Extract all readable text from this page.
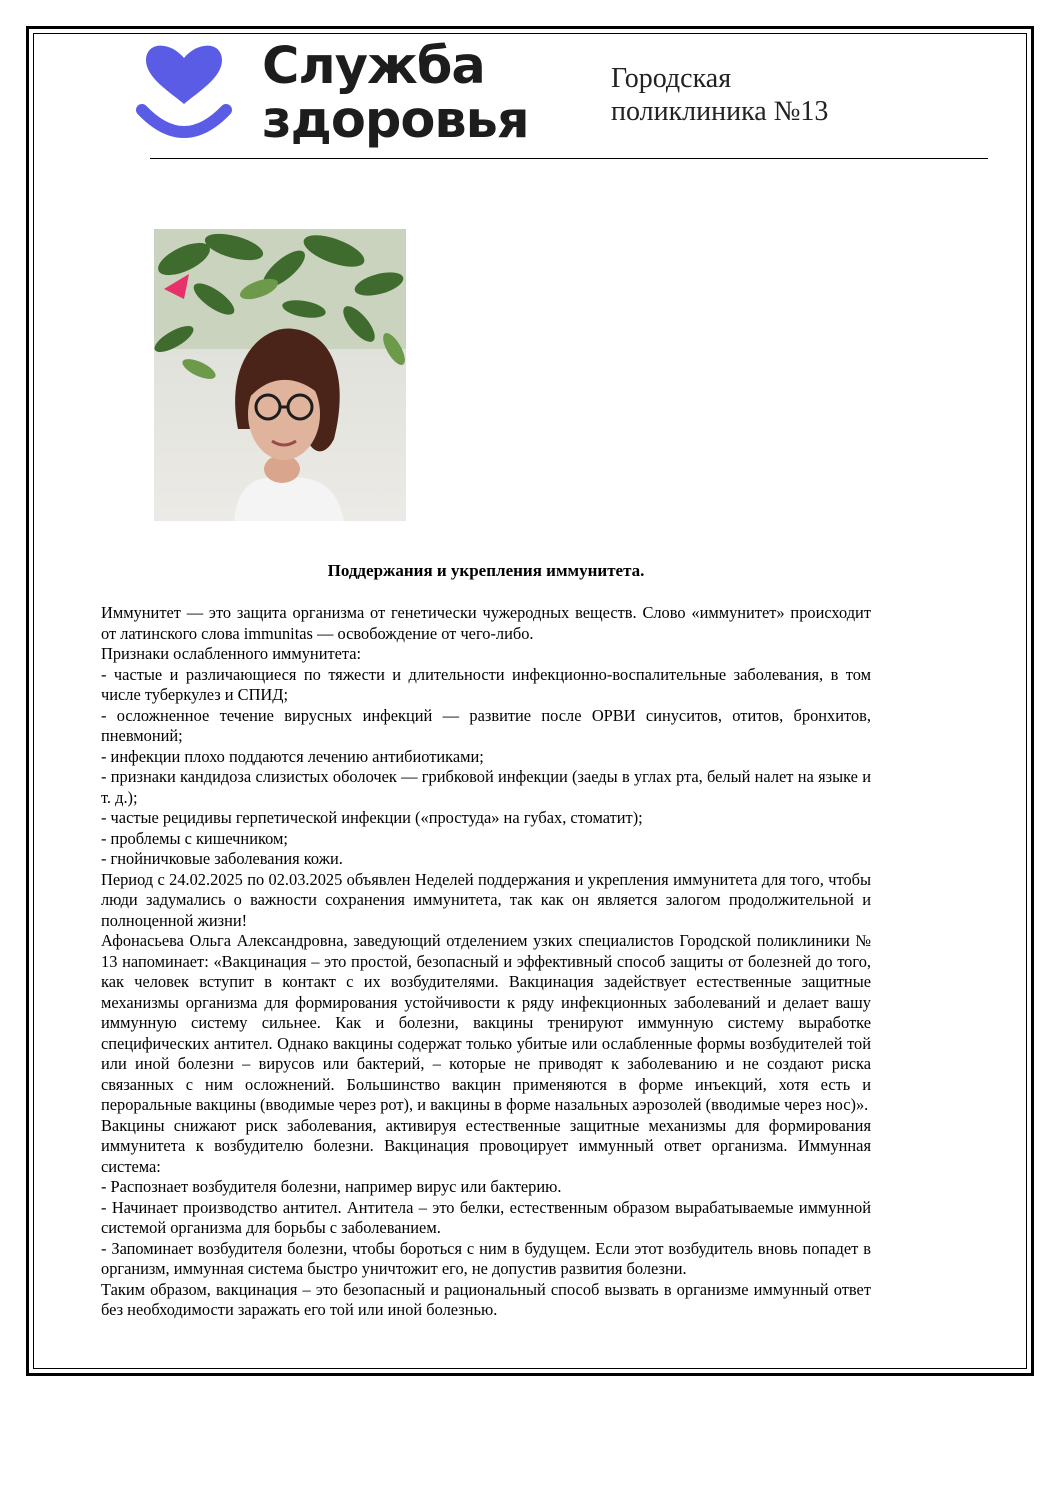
Служба
здоровья
Городская
поликлиника №13
Поддержания и укрепления иммунитета.

Иммунитет — это защита организма от генетически чужеродных веществ. Слово «иммунитет» происходит от латинского слова immunitas — освобождение от чего-либо.

Признаки ослабленного иммунитета:

- частые и различающиеся по тяжести и длительности инфекционно-воспалительные заболевания, в том числе туберкулез и СПИД;

- осложненное течение вирусных инфекций — развитие после ОРВИ синуситов, отитов, бронхитов, пневмоний;

- инфекции плохо поддаются лечению антибиотиками;

- признаки кандидоза слизистых оболочек — грибковой инфекции (заеды в углах рта, белый налет на языке и т. д.);

- частые рецидивы герпетической инфекции («простуда» на губах, стоматит);

- проблемы с кишечником;

- гнойничковые заболевания кожи.

Период с 24.02.2025 по 02.03.2025 объявлен Неделей поддержания и укрепления иммунитета для того, чтобы люди задумались о важности сохранения иммунитета, так как он является залогом продолжительной и полноценной жизни!

Афонасьева Ольга Александровна, заведующий отделением узких специалистов Городской поликлиники № 13 напоминает: «Вакцинация – это простой, безопасный и эффективный способ защиты от болезней до того, как человек вступит в контакт с их возбудителями. Вакцинация задействует естественные защитные механизмы организма для формирования устойчивости к ряду инфекционных заболеваний и делает вашу иммунную систему сильнее. Как и болезни, вакцины тренируют иммунную систему выработке специфических антител. Однако вакцины содержат только убитые или ослабленные формы возбудителей той или иной болезни – вирусов или бактерий, – которые не приводят к заболеванию и не создают риска связанных с ним осложнений. Большинство вакцин применяются в форме инъекций, хотя есть и пероральные вакцины (вводимые через рот), и вакцины в форме назальных аэрозолей (вводимые через нос)».

Вакцины снижают риск заболевания, активируя естественные защитные механизмы для формирования иммунитета к возбудителю болезни. Вакцинация провоцирует иммунный ответ организма. Иммунная система:

- Распознает возбудителя болезни, например вирус или бактерию.

- Начинает производство антител. Антитела – это белки, естественным образом вырабатываемые иммунной системой организма для борьбы с заболеванием.

- Запоминает возбудителя болезни, чтобы бороться с ним в будущем. Если этот возбудитель вновь попадет в организм, иммунная система быстро уничтожит его, не допустив развития болезни.

Таким образом, вакцинация – это безопасный и рациональный способ вызвать в организме иммунный ответ без необходимости заражать его той или иной болезнью.
